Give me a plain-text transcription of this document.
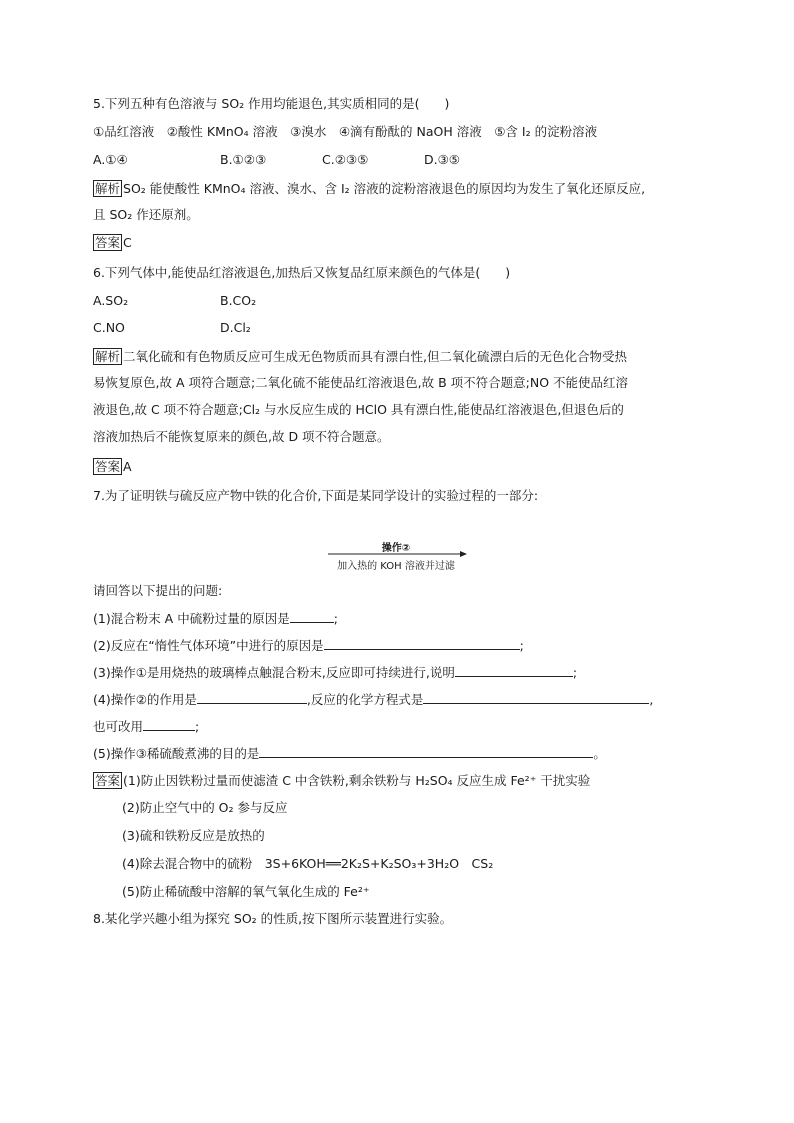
5.下列五种有色溶液与 SO₂ 作用均能退色,其实质相同的是(　　)
①品红溶液　②酸性 KMnO₄ 溶液　③溴水　④滴有酚酞的 NaOH 溶液　⑤含 I₂ 的淀粉溶液
A.①④	B.①②③	C.②③⑤	D.③⑤
解析 SO₂ 能使酸性 KMnO₄ 溶液、溴水、含 I₂ 溶液的淀粉溶液退色的原因均为发生了氧化还原反应,
且 SO₂ 作还原剂。
答案 C
6.下列气体中,能使品红溶液退色,加热后又恢复品红原来颜色的气体是(　　)
A.SO₂	B.CO₂
C.NO	D.Cl₂
解析 二氧化硫和有色物质反应可生成无色物质而具有漂白性,但二氧化硫漂白后的无色化合物受热
易恢复原色,故 A 项符合题意;二氧化硫不能使品红溶液退色,故 B 项不符合题意;NO 不能使品红溶
液退色,故 C 项不符合题意;Cl₂ 与水反应生成的 HClO 具有漂白性,能使品红溶液退色,但退色后的
溶液加热后不能恢复原来的颜色,故 D 项不符合题意。
答案 A
7.为了证明铁与硫反应产物中铁的化合价,下面是某同学设计的实验过程的一部分:
操作②
加入热的 KOH 溶液并过滤
请回答以下提出的问题:
(1)混合粉末 A 中硫粉过量的原因是	;
(2)反应在“惰性气体环境”中进行的原因是	;
(3)操作①是用烧热的玻璃棒点触混合粉末,反应即可持续进行,说明	;
(4)操作②的作用是	,反应的化学方程式是	,
也可改用	;
(5)操作③稀硫酸煮沸的目的是	。
答案 (1)防止因铁粉过量而使滤渣 C 中含铁粉,剩余铁粉与 H₂SO₄ 反应生成 Fe²⁺ 干扰实验
(2)防止空气中的 O₂ 参与反应
(3)硫和铁粉反应是放热的
(4)除去混合物中的硫粉　3S+6KOH══2K₂S+K₂SO₃+3H₂O　CS₂
(5)防止稀硫酸中溶解的氧气氧化生成的 Fe²⁺
8.某化学兴趣小组为探究 SO₂ 的性质,按下图所示装置进行实验。
